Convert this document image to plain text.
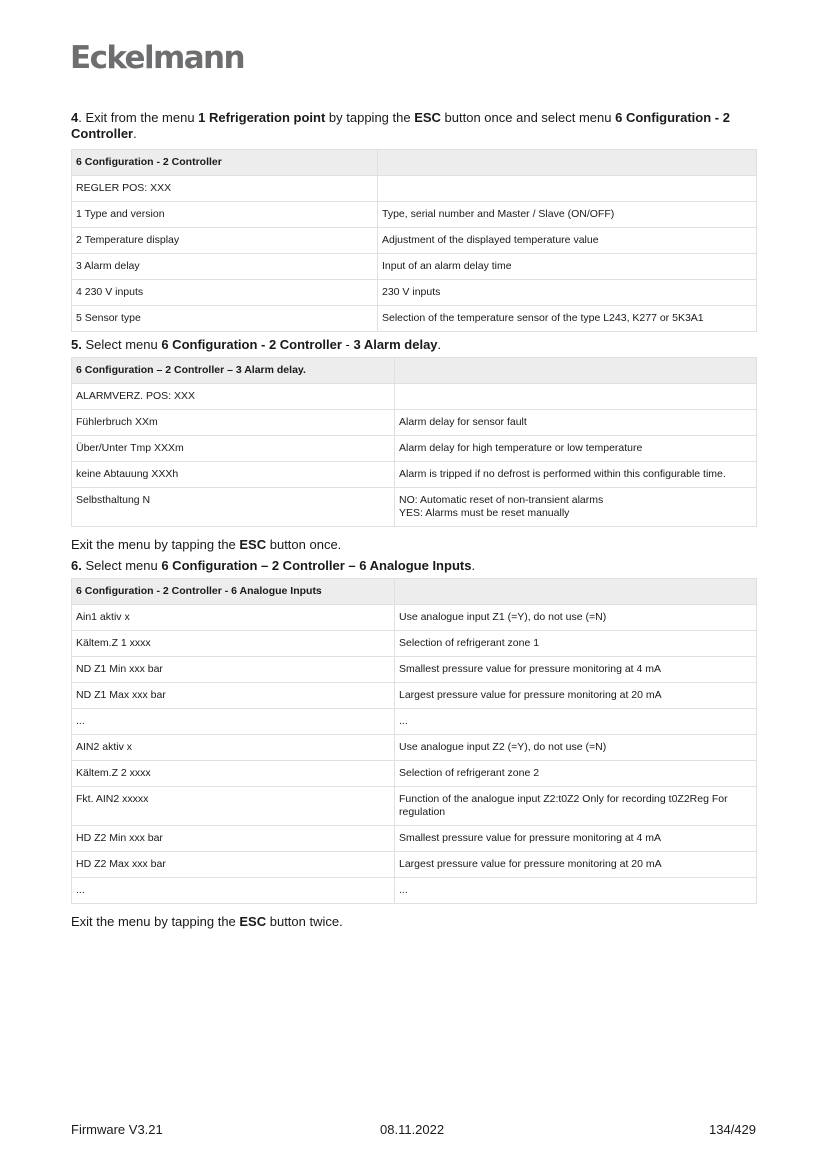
Eckelmann

4. Exit from the menu 1 Refrigeration point by tapping the ESC button once and select menu 6 Configuration - 2 Controller.

6 Configuration - 2 Controller	
REGLER POS: XXX	
1 Type and version	Type, serial number and Master / Slave (ON/OFF)
2 Temperature display	Adjustment of the displayed temperature value
3 Alarm delay	Input of an alarm delay time
4 230 V inputs	230 V inputs
5 Sensor type	Selection of the temperature sensor of the type L243, K277 or 5K3A1

5. Select menu 6 Configuration - 2 Controller - 3 Alarm delay.

6 Configuration – 2 Controller – 3 Alarm delay.	
ALARMVERZ. POS: XXX	
Fühlerbruch XXm	Alarm delay for sensor fault
Über/Unter Tmp XXXm	Alarm delay for high temperature or low temperature
keine Abtauung XXXh	Alarm is tripped if no defrost is performed within this configurable time.
Selbsthaltung N	NO: Automatic reset of non-transient alarms
YES: Alarms must be reset manually

Exit the menu by tapping the ESC button once.

6. Select menu 6 Configuration – 2 Controller – 6 Analogue Inputs.

6 Configuration - 2 Controller - 6 Analogue Inputs	
Ain1 aktiv x	Use analogue input Z1 (=Y), do not use (=N)
Kältem.Z 1 xxxx	Selection of refrigerant zone 1
ND Z1 Min xxx bar	Smallest pressure value for pressure monitoring at 4 mA
ND Z1 Max xxx bar	Largest pressure value for pressure monitoring at 20 mA
...	...
AIN2 aktiv x	Use analogue input Z2 (=Y), do not use (=N)
Kältem.Z 2 xxxx	Selection of refrigerant zone 2
Fkt. AIN2 xxxxx	Function of the analogue input Z2:t0Z2 Only for recording t0Z2Reg For regulation
HD Z2 Min xxx bar	Smallest pressure value for pressure monitoring at 4 mA
HD Z2 Max xxx bar	Largest pressure value for pressure monitoring at 20 mA
...	...

Exit the menu by tapping the ESC button twice.

Firmware V3.21	08.11.2022	134/429
